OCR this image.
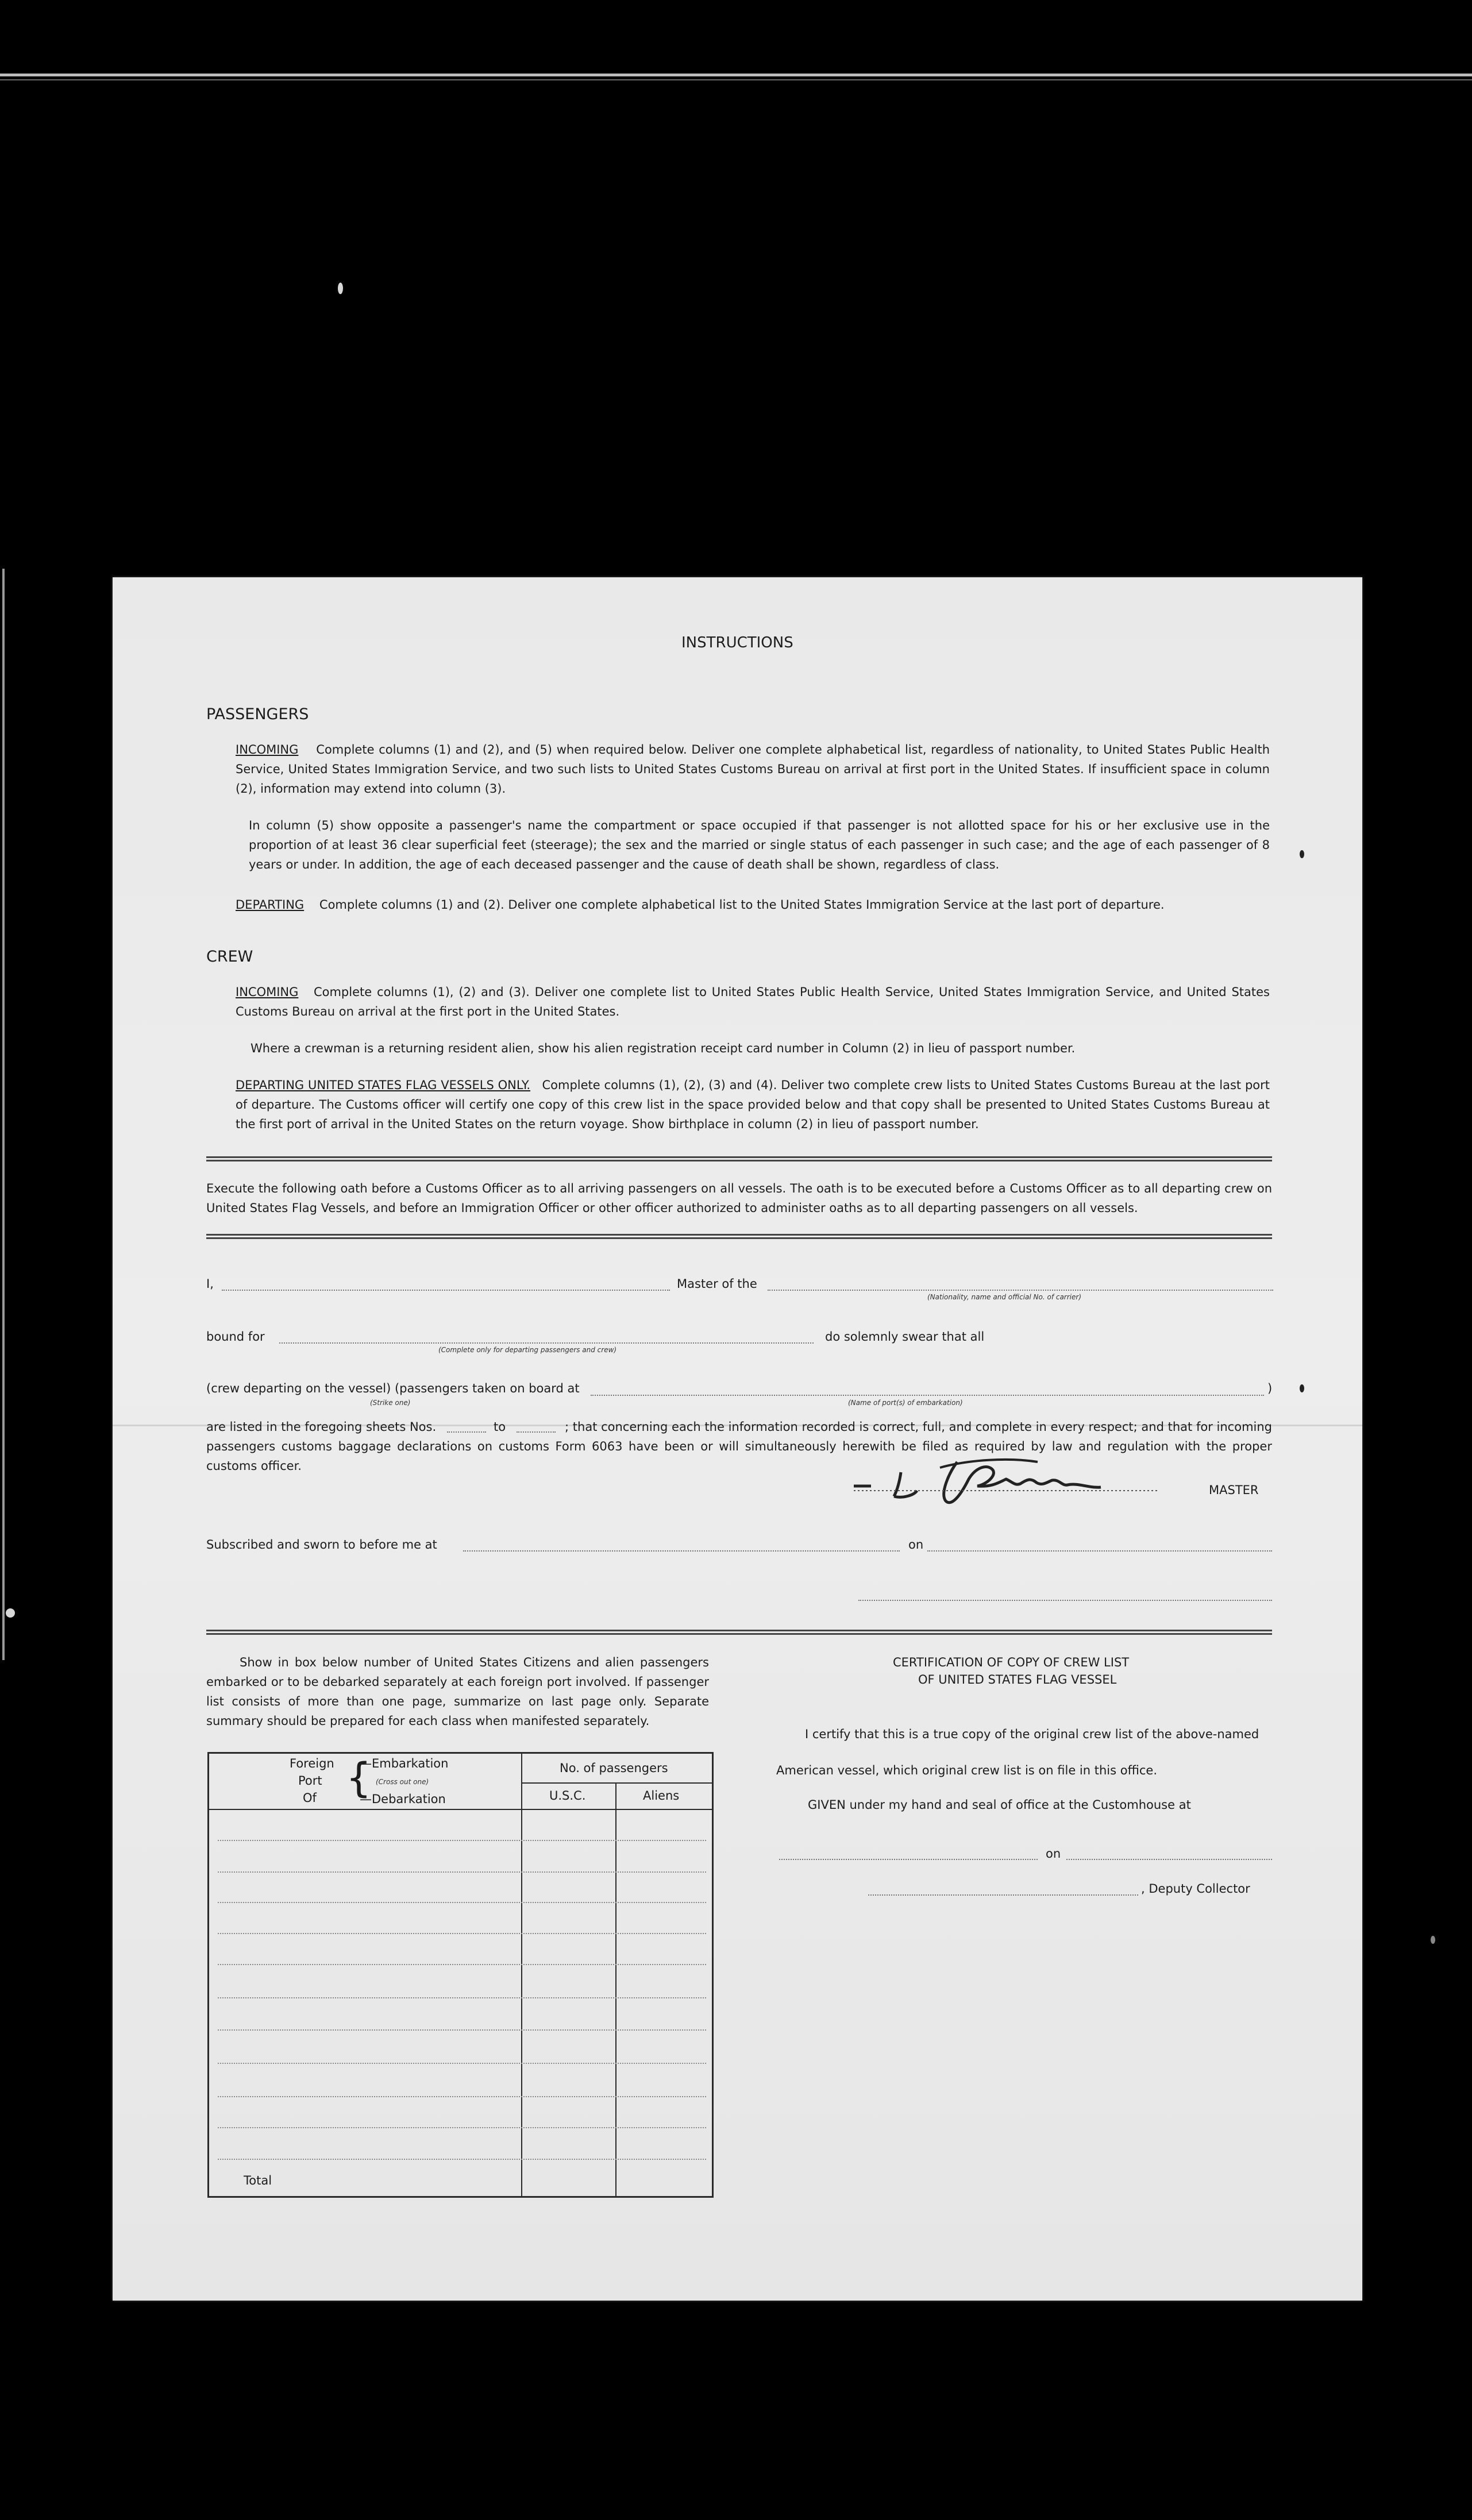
INSTRUCTIONS
PASSENGERS
INCOMING Complete columns (1) and (2), and (5) when required below. Deliver one complete alphabetical list, regardless of nationality, to United States Public Health Service, United States Immigration Service, and two such lists to United States Customs Bureau on arrival at first port in the United States. If insufficient space in column (2), information may extend into column (3).
In column (5) show opposite a passenger's name the compartment or space occupied if that passenger is not allotted space for his or her exclusive use in the proportion of at least 36 clear superficial feet (steerage); the sex and the married or single status of each passenger in such case; and the age of each passenger of 8 years or under. In addition, the age of each deceased passenger and the cause of death shall be shown, regardless of class.
DEPARTING Complete columns (1) and (2). Deliver one complete alphabetical list to the United States Immigration Service at the last port of departure.
CREW
INCOMING Complete columns (1), (2) and (3). Deliver one complete list to United States Public Health Service, United States Immigration Service, and United States Customs Bureau on arrival at the first port in the United States.
Where a crewman is a returning resident alien, show his alien registration receipt card number in Column (2) in lieu of passport number.
DEPARTING UNITED STATES FLAG VESSELS ONLY. Complete columns (1), (2), (3) and (4). Deliver two complete crew lists to United States Customs Bureau at the last port of departure. The Customs officer will certify one copy of this crew list in the space provided below and that copy shall be presented to United States Customs Bureau at the first port of arrival in the United States on the return voyage. Show birthplace in column (2) in lieu of passport number.
Execute the following oath before a Customs Officer as to all arriving passengers on all vessels. The oath is to be executed before a Customs Officer as to all departing crew on United States Flag Vessels, and before an Immigration Officer or other officer authorized to administer oaths as to all departing passengers on all vessels.
I,	Master of the
(Nationality, name and official No. of carrier)
bound for
(Complete only for departing passengers and crew)
do solemnly swear that all
(crew departing on the vessel) (passengers taken on board at	)
(Strike one)	(Name of port(s) of embarkation)
are listed in the foregoing sheets Nos.	to	; that concerning each the information recorded is correct, full, and complete in every respect; and that for incoming passengers customs baggage declarations on customs Form 6063 have been or will simultaneously herewith be filed as required by law and regulation with the proper customs officer.
MASTER
Subscribed and sworn to before me at	on
Show in box below number of United States Citizens and alien passengers embarked or to be debarked separately at each foreign port involved. If passenger list consists of more than one page, summarize on last page only. Separate summary should be prepared for each class when manifested separately.
Foreign
Port
Of {
—Embarkation
(Cross out one)
—Debarkation
No. of passengers
U.S.C.	Aliens
Total
CERTIFICATION OF COPY OF CREW LIST
OF UNITED STATES FLAG VESSEL
I certify that this is a true copy of the original crew list of the above-named
American vessel, which original crew list is on file in this office.
GIVEN under my hand and seal of office at the Customhouse at
on
, Deputy Collector
